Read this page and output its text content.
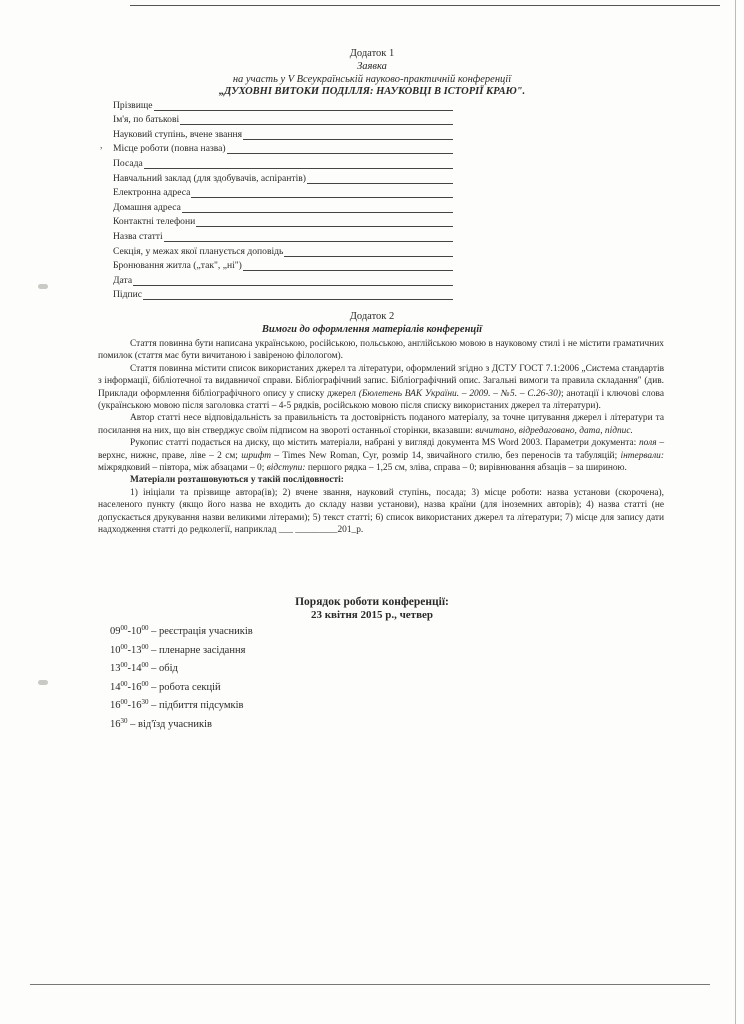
,
Додаток 1
Заявка
на участь у V Всеукраїнській науково-практичній конференції
„ДУХОВНІ ВИТОКИ ПОДІЛЛЯ: НАУКОВЦІ В ІСТОРІЇ КРАЮ".
Прізвище
Ім'я, по батькові
Науковий ступінь, вчене звання
Місце роботи (повна назва)
Посада
Навчальний заклад (для здобувачів, аспірантів)
Електронна адреса
Домашня адреса
Контактні телефони
Назва статті
Секція, у межах якої планується доповідь
Бронювання житла („так", „ні")
Дата
Підпис
Додаток 2
Вимоги до оформлення матеріалів конференції

Стаття повинна бути написана українською, російською, польською, англійською мовою в науковому стилі і не містити граматичних помилок (стаття має бути вичитаною і завіреною філологом).

Стаття повинна містити список використаних джерел та літератури, оформлений згідно з ДСТУ ГОСТ 7.1:2006 „Система стандартів з інформації, бібліотечної та видавничої справи. Бібліографічний запис. Бібліографічний опис. Загальні вимоги та правила складання" (див. Приклади оформлення бібліографічного опису у списку джерел (Бюлетень ВАК України. – 2009. – №5. – С.26-30); анотації і ключові слова (українською мовою після заголовка статті – 4-5 рядків, російською мовою після списку використаних джерел та літератури).

Автор статті несе відповідальність за правильність та достовірність поданого матеріалу, за точне цитування джерел і літератури та посилання на них, що він стверджує своїм підписом на звороті останньої сторінки, вказавши: вичитано, відредаговано, дата, підпис.

Рукопис статті подається на диску, що містить матеріали, набрані у вигляді документа MS Word 2003. Параметри документа: поля – верхнє, нижнє, праве, ліве – 2 см; шрифт – Times New Roman, Cyr, розмір 14, звичайного стилю, без переносів та табуляцій; інтервали: міжрядковий – півтора, між абзацами – 0; відступи: першого рядка – 1,25 см, зліва, справа – 0; вирівнювання абзаців – за шириною.

Матеріали розташовуються у такій послідовності:

1) ініціали та прізвище автора(ів); 2) вчене звання, науковий ступінь, посада; 3) місце роботи: назва установи (скорочена), населеного пункту (якщо його назва не входить до складу назви установи), назва країни (для іноземних авторів); 4) назва статті (не допускається друкування назви великими літерами); 5) текст статті; 6) список використаних джерел та літератури; 7) місце для запису дати надходження статті до редколегії, наприклад ___ _________201_р.

Порядок роботи конференції:
23 квітня 2015 р., четвер
$09^{00}-10^{00}$ – реєстрація учасників
$10^{00}-13^{00}$ – пленарне засідання
$13^{00}-14^{00}$ – обід
$14^{00}-16^{00}$ – робота секцій
$16^{00}-16^{30}$ – підбиття підсумків
$16^{30} - від'їзд$ учасників
